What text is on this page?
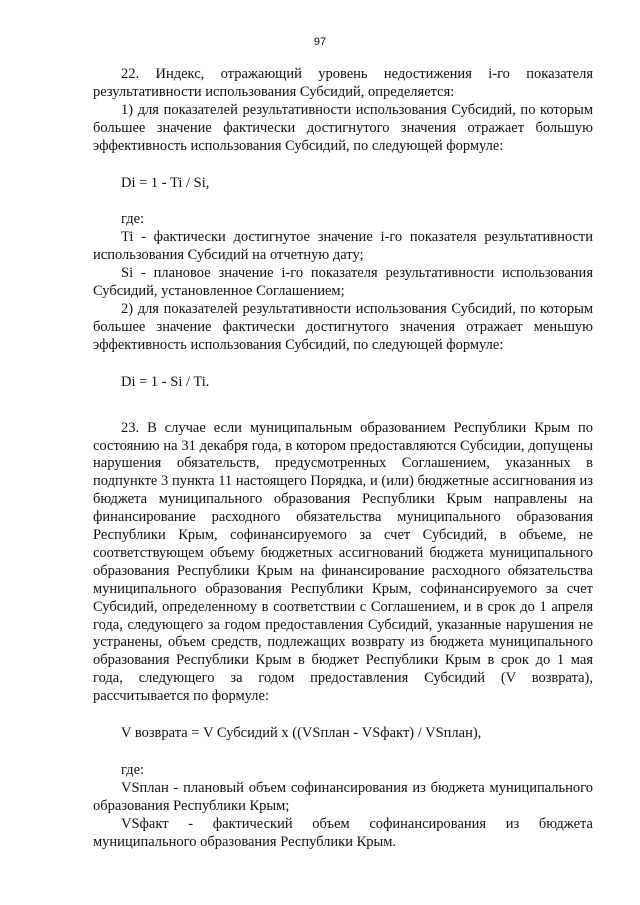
97

22. Индекс, отражающий уровень недостижения i-го показателя результативности использования Субсидий, определяется:

1) для показателей результативности использования Субсидий, по которым большее значение фактически достигнутого значения отражает большую эффективность использования Субсидий, по следующей формуле:

Di = 1 - Ti / Si,

где:

Ti - фактически достигнутое значение i-го показателя результативности использования Субсидий на отчетную дату;

Si - плановое значение i-го показателя результативности использования Субсидий, установленное Соглашением;

2) для показателей результативности использования Субсидий, по которым большее значение фактически достигнутого значения отражает меньшую эффективность использования Субсидий, по следующей формуле:

Di = 1 - Si / Ti.

23. В случае если муниципальным образованием Республики Крым по состоянию на 31 декабря года, в котором предоставляются Субсидии, допущены нарушения обязательств, предусмотренных Соглашением, указанных в подпункте 3 пункта 11 настоящего Порядка, и (или) бюджетные ассигнования из бюджета муниципального образования Республики Крым направлены на финансирование расходного обязательства муниципального образования Республики Крым, софинансируемого за счет Субсидий, в объеме, не соответствующем объему бюджетных ассигнований бюджета муниципального образования Республики Крым на финансирование расходного обязательства муниципального образования Республики Крым, софинансируемого за счет Субсидий, определенному в соответствии с Соглашением, и в срок до 1 апреля года, следующего за годом предоставления Субсидий, указанные нарушения не устранены, объем средств, подлежащих возврату из бюджета муниципального образования Республики Крым в бюджет Республики Крым в срок до 1 мая года, следующего за годом предоставления Субсидий (V возврата), рассчитывается по формуле:

V возврата = V Субсидий x ((VSплан - VSфакт) / VSплан),

где:

VSплан - плановый объем софинансирования из бюджета муниципального образования Республики Крым;

VSфакт - фактический объем софинансирования из бюджета муниципального образования Республики Крым.
